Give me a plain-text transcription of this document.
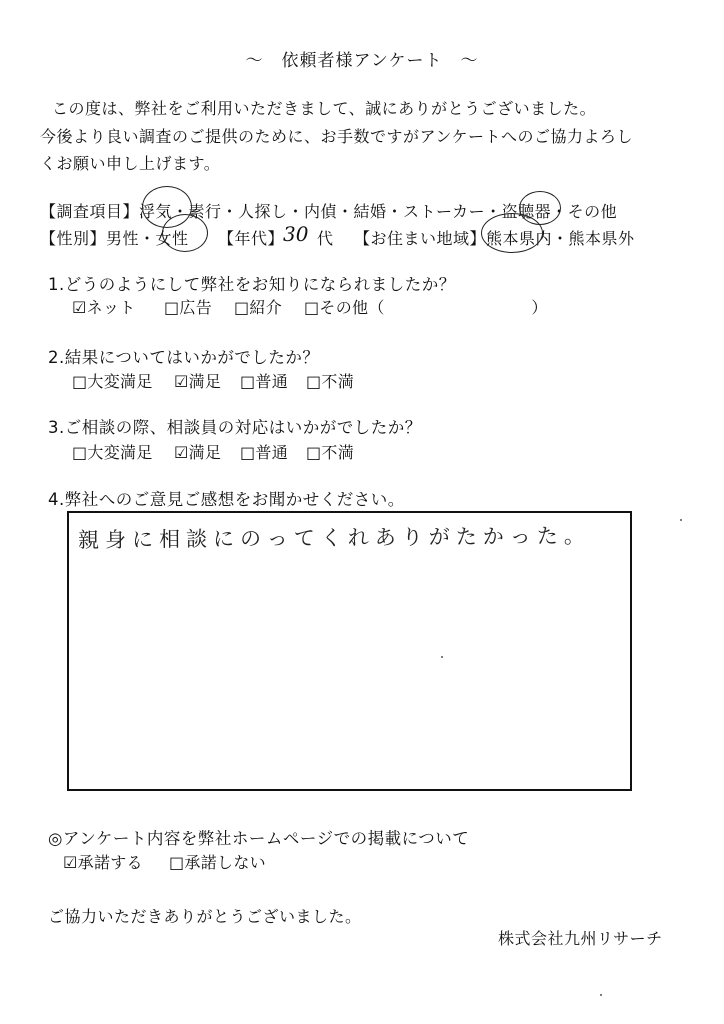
～　依頼者様アンケート　～
この度は、弊社をご利用いただきまして、誠にありがとうございました。
今後より良い調査のご提供のために、お手数ですがアンケートへのご協力よろし
くお願い申し上げます。
【調査項目】浮気・素行・人探し・内偵・結婚・ストーカー・盗聴器・その他
【性別】男性・女性 【年代】
30 代 【お住まい地域】熊本県内・熊本県外
1.どうのようにして弊社をお知りになられましたか？
☑ネット	□広告	□紹介	□その他（　　　　　　　　　）
2.結果についてはいかがでしたか？
□大変満足	☑満足	□普通	□不満
3.ご相談の際、相談員の対応はいかがでしたか？
□大変満足	☑満足	□普通	□不満
4.弊社へのご意見ご感想をお聞かせください。
親身に相談にのってくれありがたかった。
◎アンケート内容を弊社ホームページでの掲載について
☑承諾する	□承諾しない
ご協力いただきありがとうございました。
株式会社九州リサーチ
